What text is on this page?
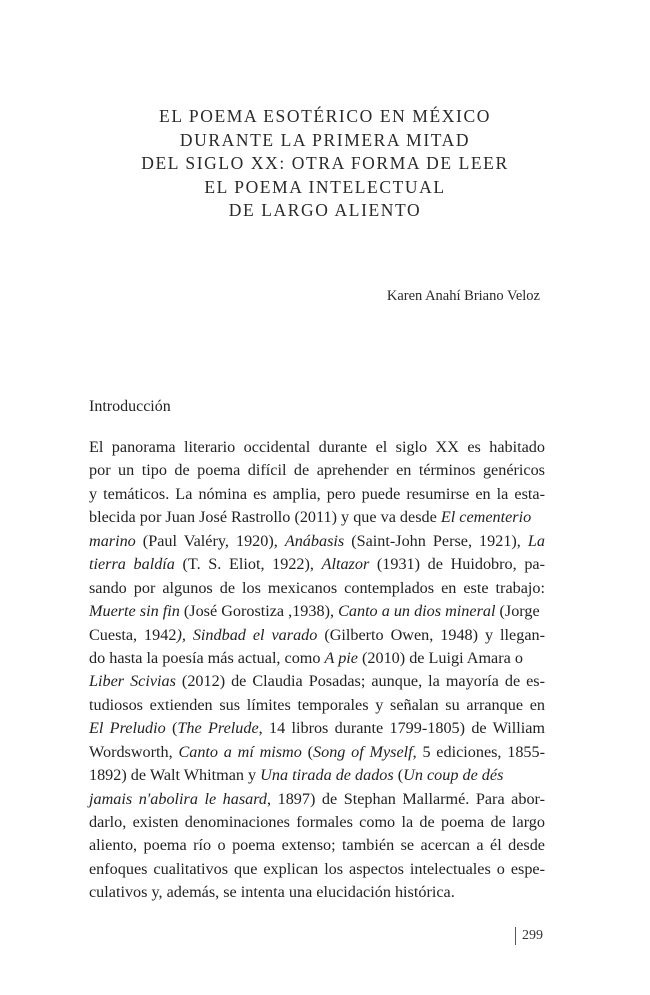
EL POEMA ESOTÉRICO EN MÉXICO
DURANTE LA PRIMERA MITAD
DEL SIGLO XX: OTRA FORMA DE LEER
EL POEMA INTELECTUAL
DE LARGO ALIENTO
Karen Anahí Briano Veloz
Introducción
El panorama literario occidental durante el siglo XX es habitado
por un tipo de poema difícil de aprehender en términos genéricos
y temáticos. La nómina es amplia, pero puede resumirse en la esta-
blecida por Juan José Rastrollo (2011) y que va desde El cementerio
marino (Paul Valéry, 1920), Anábasis (Saint-John Perse, 1921), La
tierra baldía (T. S. Eliot, 1922), Altazor (1931) de Huidobro, pa-
sando por algunos de los mexicanos contemplados en este trabajo:
Muerte sin fin (José Gorostiza ,1938), Canto a un dios mineral (Jorge
Cuesta, 1942), Sindbad el varado (Gilberto Owen, 1948) y llegan-
do hasta la poesía más actual, como A pie (2010) de Luigi Amara o
Liber Scivias (2012) de Claudia Posadas; aunque, la mayoría de es-
tudiosos extienden sus límites temporales y señalan su arranque en
El Preludio (The Prelude, 14 libros durante 1799-1805) de William
Wordsworth, Canto a mí mismo (Song of Myself, 5 ediciones, 1855-
1892) de Walt Whitman y Una tirada de dados (Un coup de dés
jamais n'abolira le hasard, 1897) de Stephan Mallarmé. Para abor-
darlo, existen denominaciones formales como la de poema de largo
aliento, poema río o poema extenso; también se acercan a él desde
enfoques cualitativos que explican los aspectos intelectuales o espe-
culativos y, además, se intenta una elucidación histórica.
299
